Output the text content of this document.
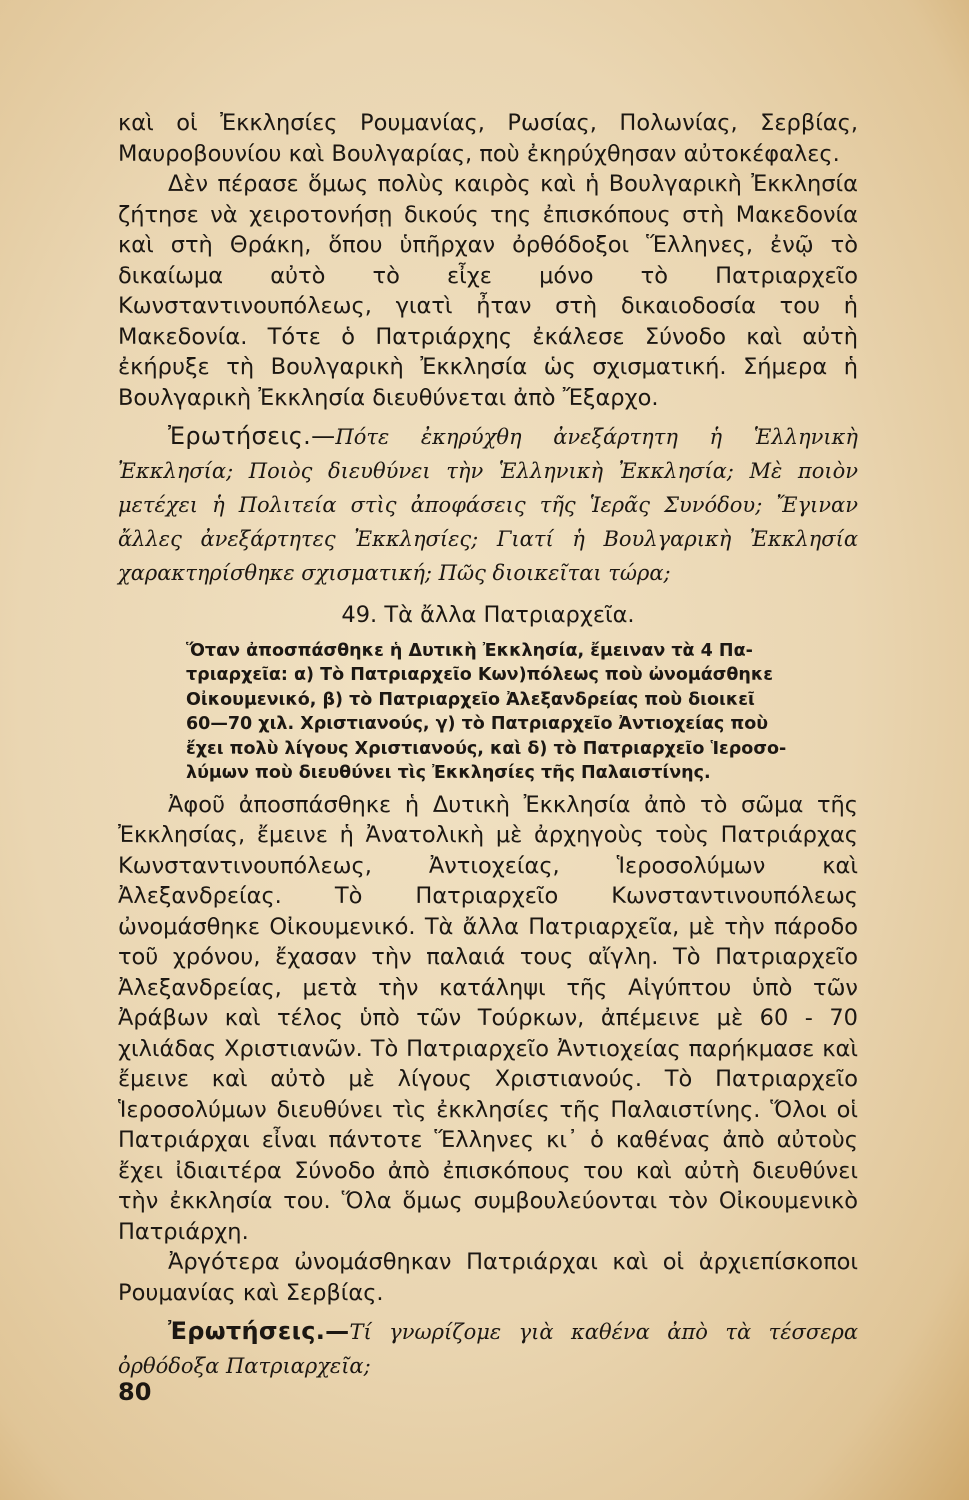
καὶ οἱ Ἐκκλησίες Ρουμανίας, Ρωσίας, Πολωνίας, Σερβίας, Μαυροβουνίου καὶ Βουλγαρίας, ποὺ ἐκηρύχθησαν αὐτοκέφαλες.

Δὲν πέρασε ὅμως πολὺς καιρὸς καὶ ἡ Βουλγαρικὴ Ἐκκλησία ζήτησε νὰ χειροτονήσῃ δικούς της ἐπισκόπους στὴ Μακεδονία καὶ στὴ Θράκη, ὅπου ὑπῆρχαν ὀρθόδοξοι Ἕλληνες, ἐνῷ τὸ δικαίωμα αὐτὸ τὸ εἶχε μόνο τὸ Πατριαρχεῖο Κωνσταντινουπόλεως, γιατὶ ἦταν στὴ δικαιοδοσία του ἡ Μακεδονία. Τότε ὁ Πατριάρχης ἐκάλεσε Σύνοδο καὶ αὐτὴ ἐκήρυξε τὴ Βουλγαρικὴ Ἐκκλησία ὡς σχισματική. Σήμερα ἡ Βουλγαρικὴ Ἐκκλησία διευθύνεται ἀπὸ Ἔξαρχο.

Ἐρωτήσεις.—Πότε ἐκηρύχθη ἀνεξάρτητη ἡ Ἑλληνικὴ Ἐκκλησία; Ποιὸς διευθύνει τὴν Ἑλληνικὴ Ἐκκλησία; Μὲ ποιὸν μετέχει ἡ Πολιτεία στὶς ἀποφάσεις τῆς Ἱερᾶς Συνόδου; Ἔγιναν ἄλλες ἀνεξάρτητες Ἐκκλησίες; Γιατί ἡ Βουλγαρικὴ Ἐκκλησία χαρακτηρίσθηκε σχισματική; Πῶς διοικεῖται τώρα;

49. Τὰ ἄλλα Πατριαρχεῖα.

Ὅταν ἀποσπάσθηκε ἡ Δυτικὴ Ἐκκλησία, ἔμειναν τὰ 4 Πα-
τριαρχεῖα: α) Τὸ Πατριαρχεῖο Κων)πόλεως ποὺ ὠνομάσθηκε
Οἰκουμενικό, β) τὸ Πατριαρχεῖο Ἀλεξανδρείας ποὺ διοικεῖ
60—70 χιλ. Χριστιανούς, γ) τὸ Πατριαρχεῖο Ἀντιοχείας ποὺ
ἔχει πολὺ λίγους Χριστιανούς, καὶ δ) τὸ Πατριαρχεῖο Ἱεροσο-
λύμων ποὺ διευθύνει τὶς Ἐκκλησίες τῆς Παλαιστίνης.

Ἀφοῦ ἀποσπάσθηκε ἡ Δυτικὴ Ἐκκλησία ἀπὸ τὸ σῶμα τῆς Ἐκκλησίας, ἔμεινε ἡ Ἀνατολικὴ μὲ ἀρχηγοὺς τοὺς Πατριάρχας Κωνσταντινουπόλεως, Ἀντιοχείας, Ἱεροσολύμων καὶ Ἀλεξανδρείας. Τὸ Πατριαρχεῖο Κωνσταντινουπόλεως ὠνομάσθηκε Οἰκουμενικό. Τὰ ἄλλα Πατριαρχεῖα, μὲ τὴν πάροδο τοῦ χρόνου, ἔχασαν τὴν παλαιά τους αἴγλη. Τὸ Πατριαρχεῖο Ἀλεξανδρείας, μετὰ τὴν κατάληψι τῆς Αἰγύπτου ὑπὸ τῶν Ἀράβων καὶ τέλος ὑπὸ τῶν Τούρκων, ἀπέμεινε μὲ 60 - 70 χιλιάδας Χριστιανῶν. Τὸ Πατριαρχεῖο Ἀντιοχείας παρήκμασε καὶ ἔμεινε καὶ αὐτὸ μὲ λίγους Χριστιανούς. Τὸ Πατριαρχεῖο Ἱεροσολύμων διευθύνει τὶς ἐκκλησίες τῆς Παλαιστίνης. Ὅλοι οἱ Πατριάρχαι εἶναι πάντοτε Ἕλληνες κι᾽ ὁ καθένας ἀπὸ αὐτοὺς ἔχει ἰδιαιτέρα Σύνοδο ἀπὸ ἐπισκόπους του καὶ αὐτὴ διευθύνει τὴν ἐκκλησία του. Ὅλα ὅμως συμβουλεύονται τὸν Οἰκουμενικὸ Πατριάρχη.

Ἀργότερα ὠνομάσθηκαν Πατριάρχαι καὶ οἱ ἀρχιεπίσκοποι Ρουμανίας καὶ Σερβίας.

Ἐρωτήσεις.—Τί γνωρίζομε γιὰ καθένα ἀπὸ τὰ τέσσερα ὀρθόδοξα Πατριαρχεῖα;

80
